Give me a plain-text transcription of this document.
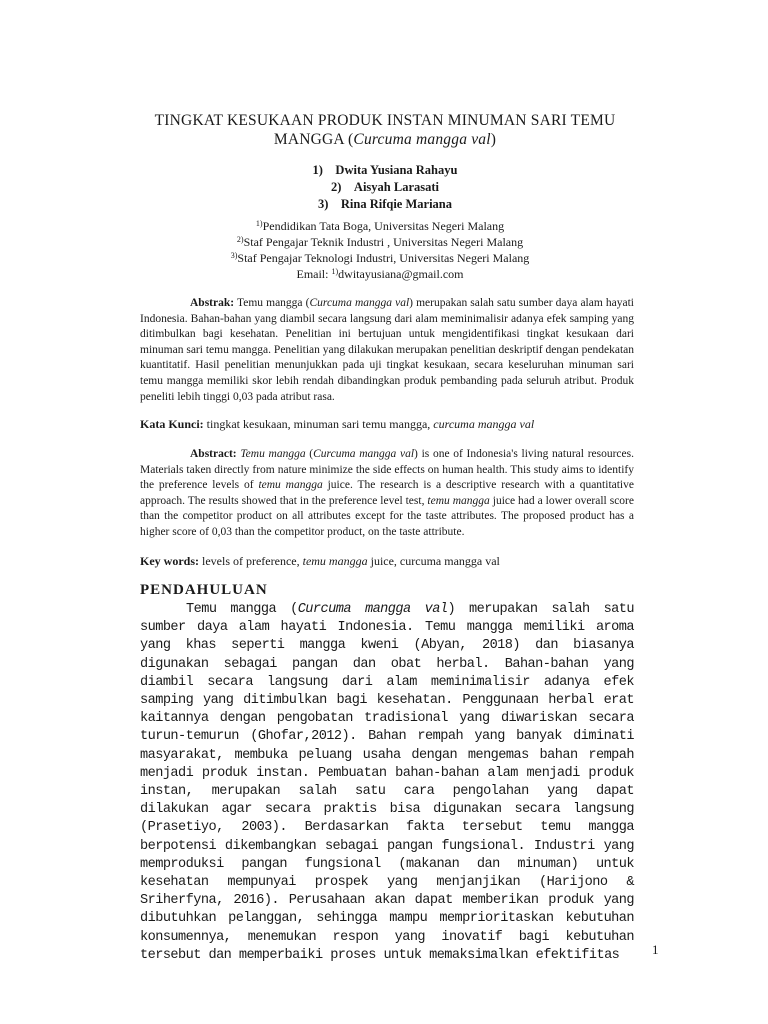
TINGKAT KESUKAAN PRODUK INSTAN MINUMAN SARI TEMU
MANGGA (Curcuma mangga val)
1)    Dwita Yusiana Rahayu
2)    Aisyah Larasati
3)    Rina Rifqie Mariana
$^{1)}$Pendidikan Tata Boga, Universitas Negeri Malang
$^{2)}$Staf Pengajar Teknik Industri , Universitas Negeri Malang
$^{3)}$Staf Pengajar Teknologi Industri, Universitas Negeri Malang
Email: $^{1)}$dwitayusiana@gmail.com
Abstrak: Temu mangga (Curcuma mangga val) merupakan salah satu sumber daya alam hayati Indonesia. Bahan-bahan yang diambil secara langsung dari alam meminimalisir adanya efek samping yang ditimbulkan bagi kesehatan. Penelitian ini bertujuan untuk mengidentifikasi tingkat kesukaan dari minuman sari temu mangga. Penelitian yang dilakukan merupakan penelitian deskriptif dengan pendekatan kuantitatif. Hasil penelitian menunjukkan pada uji tingkat kesukaan, secara keseluruhan minuman sari temu mangga memiliki skor lebih rendah dibandingkan produk pembanding pada seluruh atribut. Produk peneliti lebih tinggi 0,03 pada atribut rasa.
Kata Kunci: tingkat kesukaan, minuman sari temu mangga, curcuma mangga val
Abstract: Temu mangga (Curcuma mangga val) is one of Indonesia's living natural resources. Materials taken directly from nature minimize the side effects on human health. This study aims to identify the preference levels of temu mangga juice. The research is a descriptive research with a quantitative approach. The results showed that in the preference level test, temu mangga juice had a lower overall score than the competitor product on all attributes except for the taste attributes. The proposed product has a higher score of 0,03 than the competitor product, on the taste attribute.
Key words: levels of preference, temu mangga juice, curcuma mangga val
PENDAHULUAN
Temu mangga (Curcuma mangga val) merupakan salah satu sumber daya alam hayati Indonesia. Temu mangga memiliki aroma yang khas seperti mangga kweni (Abyan, 2018) dan biasanya digunakan sebagai pangan dan obat herbal. Bahan-bahan yang diambil secara langsung dari alam meminimalisir adanya efek samping yang ditimbulkan bagi kesehatan. Penggunaan herbal erat kaitannya dengan pengobatan tradisional yang diwariskan secara turun-temurun (Ghofar,2012). Bahan rempah yang banyak diminati masyarakat, membuka peluang usaha dengan mengemas bahan rempah menjadi produk instan. Pembuatan bahan-bahan alam menjadi produk instan, merupakan salah satu cara pengolahan yang dapat dilakukan agar secara praktis bisa digunakan secara langsung (Prasetiyo, 2003). Berdasarkan fakta tersebut temu mangga berpotensi dikembangkan sebagai pangan fungsional. Industri yang memproduksi pangan fungsional (makanan dan minuman) untuk kesehatan mempunyai prospek yang menjanjikan (Harijono & Sriherfyna, 2016). Perusahaan akan dapat memberikan produk yang dibutuhkan pelanggan, sehingga mampu memprioritaskan kebutuhan konsumennya, menemukan respon yang inovatif bagi kebutuhan tersebut dan memperbaiki proses untuk memaksimalkan efektifitas	1
